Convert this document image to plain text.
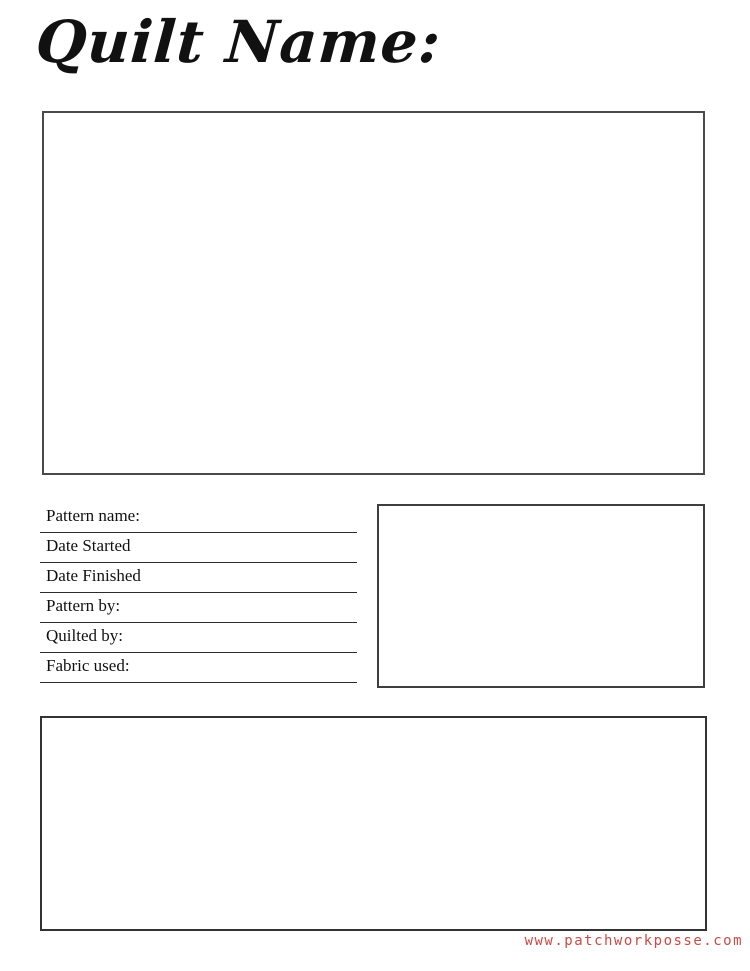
Quilt Name:
Pattern name:
Date Started
Date Finished
Pattern by:
Quilted by:
Fabric used:
www.patchworkposse.com
